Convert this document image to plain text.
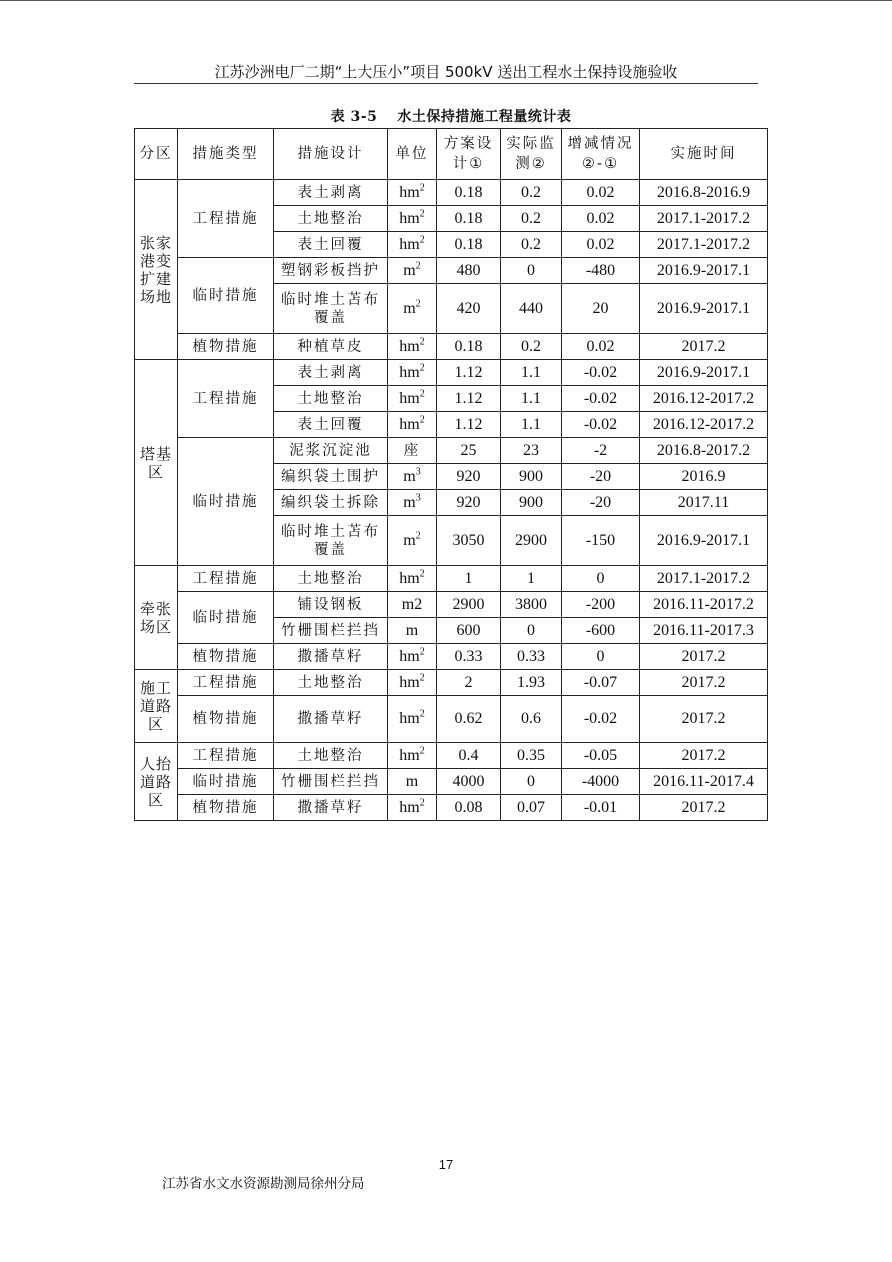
江苏沙洲电厂二期“上大压小”项目 500kV 送出工程水土保持设施验收
表 3-5 水土保持措施工程量统计表
分区	措施类型	措施设计	单位	方案设计①	实际监测②	增减情况②-①	实施时间
张家港变扩建场地	工程措施	表土剥离	$hm^2$	0.18	0.2	0.02	2016.8-2016.9
		土地整治	$hm^2$	0.18	0.2	0.02	2017.1-2017.2
		表土回覆	$hm^2$	0.18	0.2	0.02	2017.1-2017.2
	临时措施	塑钢彩板挡护	$m^2$	480	0	-480	2016.9-2017.1
		临时堆土苫布覆盖	$m^2$	420	440	20	2016.9-2017.1
	植物措施	种植草皮	$hm^2$	0.18	0.2	0.02	2017.2
塔基区	工程措施	表土剥离	$hm^2$	1.12	1.1	-0.02	2016.9-2017.1
		土地整治	$hm^2$	1.12	1.1	-0.02	2016.12-2017.2
		表土回覆	$hm^2$	1.12	1.1	-0.02	2016.12-2017.2
	临时措施	泥浆沉淀池	座	25	23	-2	2016.8-2017.2
		编织袋土围护	$m^3$	920	900	-20	2016.9
		编织袋土拆除	$m^3$	920	900	-20	2017.11
		临时堆土苫布覆盖	$m^2$	3050	2900	-150	2016.9-2017.1
牵张场区	工程措施	土地整治	$hm^2$	1	1	0	2017.1-2017.2
	临时措施	铺设钢板	m2	2900	3800	-200	2016.11-2017.2
		竹栅围栏拦挡	m	600	0	-600	2016.11-2017.3
	植物措施	撒播草籽	$hm^2$	0.33	0.33	0	2017.2
施工道路区	工程措施	土地整治	$hm^2$	2	1.93	-0.07	2017.2
	植物措施	撒播草籽	$hm^2$	0.62	0.6	-0.02	2017.2
人抬道路区	工程措施	土地整治	$hm^2$	0.4	0.35	-0.05	2017.2
	临时措施	竹栅围栏拦挡	m	4000	0	-4000	2016.11-2017.4
	植物措施	撒播草籽	$hm^2$	0.08	0.07	-0.01	2017.2
17
江苏省水文水资源勘测局徐州分局
